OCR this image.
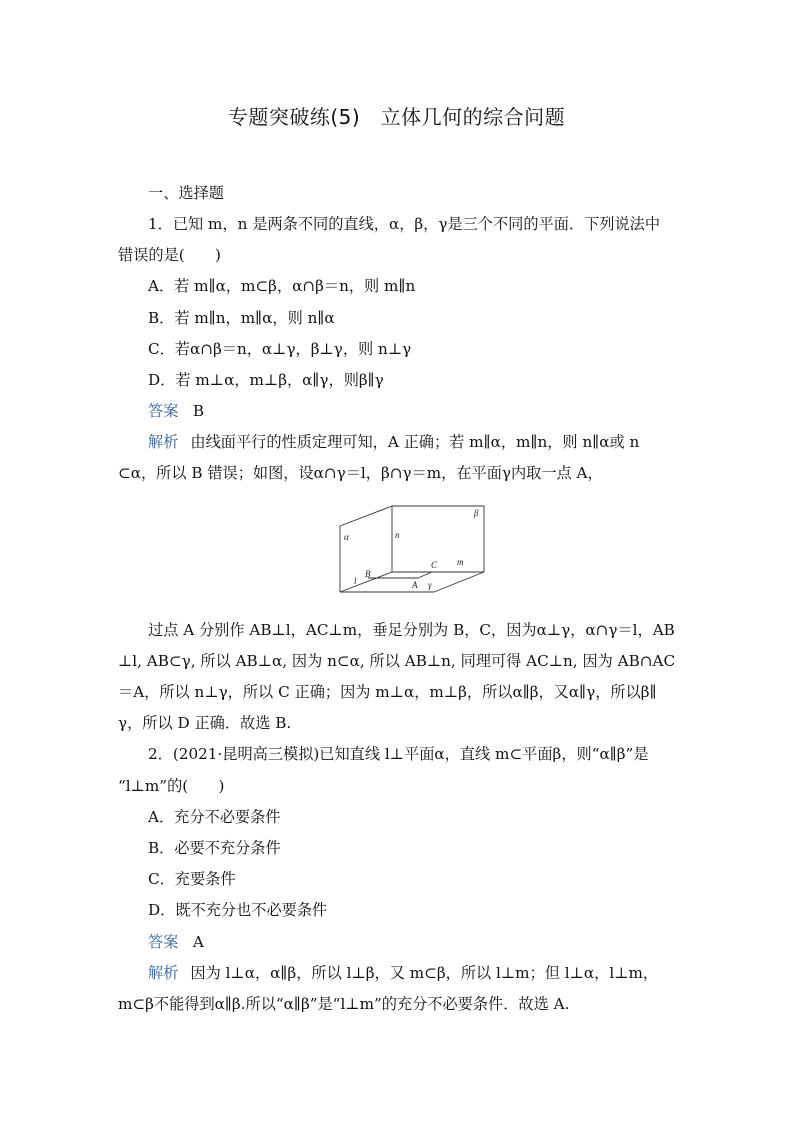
专题突破练(5)　立体几何的综合问题
一、选择题
1．已知 m，n 是两条不同的直线，α，β，γ是三个不同的平面．下列说法中
错误的是(　　)
A．若 m∥α，m⊂β，α∩β＝n，则 m∥n
B．若 m∥n，m∥α，则 n∥α
C．若α∩β＝n，α⊥γ，β⊥γ，则 n⊥γ
D．若 m⊥α，m⊥β，α∥γ，则β∥γ
答案 B
解析 由线面平行的性质定理可知，A 正确；若 m∥α，m∥n，则 n∥α或 n
⊂α，所以 B 错误；如图，设α∩γ＝l，β∩γ＝m，在平面γ内取一点 A，
α
β
n
m
C
B
A
l	γ
过点 A 分别作 AB⊥l，AC⊥m，垂足分别为 B，C，因为α⊥γ，α∩γ＝l，AB
⊥l, AB⊂γ, 所以 AB⊥α, 因为 n⊂α, 所以 AB⊥n, 同理可得 AC⊥n, 因为 AB∩AC
＝A，所以 n⊥γ，所以 C 正确；因为 m⊥α，m⊥β，所以α∥β，又α∥γ，所以β∥
γ，所以 D 正确．故选 B.
2．(2021·昆明高三模拟)已知直线 l⊥平面α，直线 m⊂平面β，则“α∥β”是
“l⊥m”的(　　)
A．充分不必要条件
B．必要不充分条件
C．充要条件
D．既不充分也不必要条件
答案 A
解析 因为 l⊥α，α∥β，所以 l⊥β，又 m⊂β，所以 l⊥m；但 l⊥α，l⊥m，
m⊂β不能得到α∥β.所以“α∥β”是“l⊥m”的充分不必要条件．故选 A.
